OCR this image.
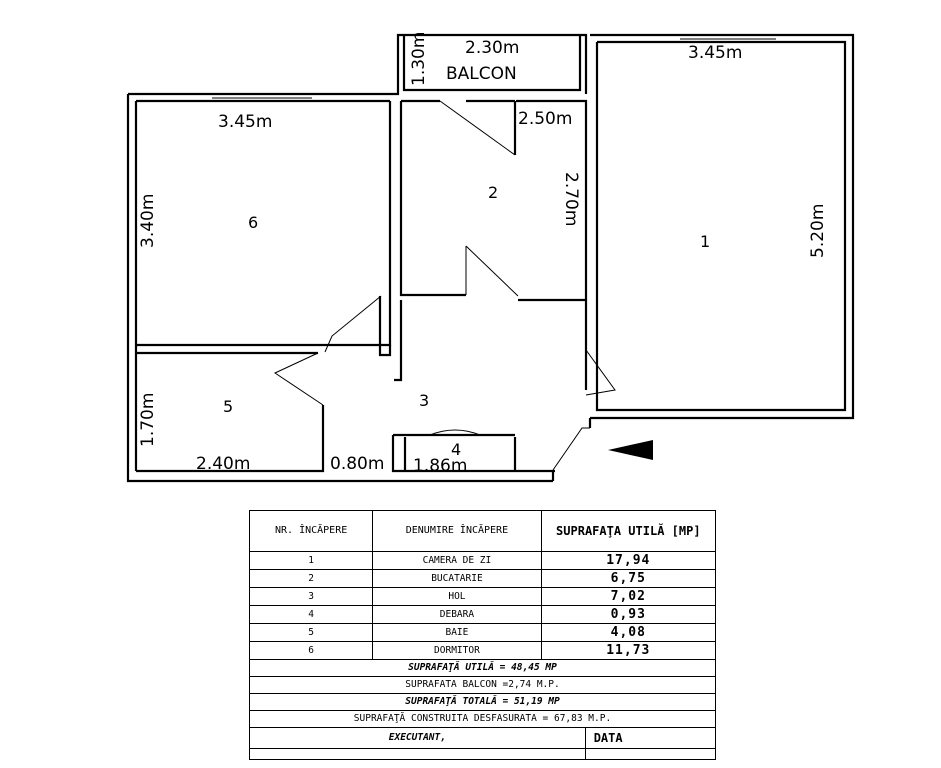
1
2
3
4
5
6
BALCON
2.30m	3.45m
2.50m
3.45m
2.40m	0.80m 1.86m
1.30m
3.40m
1.70m
5.20m
2.70m
NR. ÎNCĂPERE	DENUMIRE ÎNCĂPERE	SUPRAFAŢA UTILĂ [MP]	
1	CAMERA DE ZI	17,94	
2	BUCATARIE	6,75	
3	HOL	7,02	
4	DEBARA	0,93	
5	BAIE	4,08	
6	DORMITOR	11,73	
SUPRAFAŢĂ UTILĂ = 48,45 MP			
SUPRAFATA BALCON =2,74 M.P.			
SUPRAFAŢĂ TOTALĂ = 51,19 MP			
SUPRAFAŢĂ CONSTRUITA DESFASURATA = 67,83 M.P.			
EXECUTANT,			DATA
